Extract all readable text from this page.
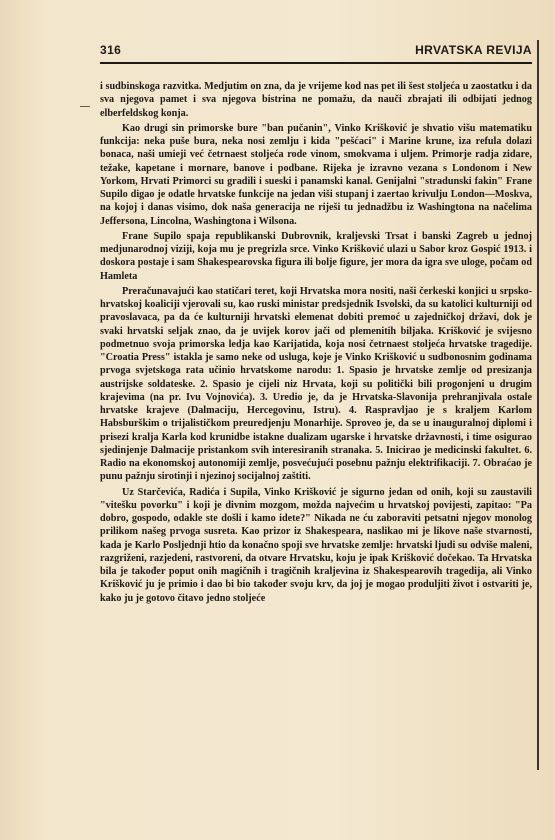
316	HRVATSKA REVIJA

i sudbinskoga razvitka. Medjutim on zna, da je vrijeme kod nas pet ili šest stoljeća u zaostatku i da sva njegova pamet i sva njegova bistrina ne pomažu, da nauči zbrajati ili odbijati jednog elberfeldskog konja.

Kao drugi sin primorske bure "ban pučanin", Vinko Krišković je shvatio višu matematiku funkcija: neka puše bura, neka nosi zemlju i kida "pešćaci" i Marine krune, iza refula dolazi bonaca, naši umieji već četrnaest stoljeća rode vinom, smokvama i uljem. Primorje radja zidare, težake, kapetane i mornare, banove i podbane. Rijeka je izravno vezana s Londonom i New Yorkom, Hrvati Primorci su gradili i sueski i panamski kanal. Genijalni "stradunski fakin" Frane Supilo digao je odatle hrvatske funkcije na jedan viši stupanj i zaertao krivulju London—Moskva, na kojoj i danas visimo, dok naša generacija ne riješi tu jednadžbu iz Washingtona na načelima Jeffersona, Lincolna, Washingtona i Wilsona.

Frane Supilo spaja republikanski Dubrovnik, kraljevski Trsat i banski Zagreb u jednoj medjunarodnoj viziji, koja mu je pregrizla srce. Vinko Krišković ulazi u Sabor kroz Gospić 1913. i doskora postaje i sam Shakespearovska figura ili bolje figure, jer mora da igra sve uloge, počam od Hamleta

Preračunavajući kao statičari teret, koji Hrvatska mora nositi, naši čerkeski konjici u srpsko-hrvatskoj koaliciji vjerovali su, kao ruski ministar predsjednik Isvolski, da su katolici kulturniji od pravoslavaca, pa da će kulturniji hrvatski elemenat dobiti premoć u zajedničkoj državi, dok je svaki hrvatski seljak znao, da je uvijek korov jači od plemenitih biljaka. Krišković je svijesno podmetnuo svoja primorska ledja kao Karijatida, koja nosi četrnaest stoljeća hrvatske tragedije. "Croatia Press" istakla je samo neke od usluga, koje je Vinko Krišković u sudbonosnim godinama prvoga svjetskoga rata učinio hrvatskome narodu: 1. Spasio je hrvatske zemlje od presizanja austrijske soldateske. 2. Spasio je cijeli niz Hrvata, koji su politički bili progonjeni u drugim krajevima (na pr. Ivu Vojnovića). 3. Uredio je, da je Hrvatska-Slavonija prehranjivala ostale hrvatske krajeve (Dalmaciju, Hercegovinu, Istru). 4. Raspravljao je s kraljem Karlom Habsburškim o trijalističkom preuredjenju Monarhije. Sproveo je, da se u inauguralnoj diplomi i prisezi kralja Karla kod krunidbe istakne dualizam ugarske i hrvatske državnosti, i time osigurao sjedinjenje Dalmacije pristankom svih interesiranih stranaka. 5. Inicirao je medicinski fakultet. 6. Radio na ekonomskoj autonomiji zemlje, posvećujući posebnu pažnju elektrifikaciji. 7. Obraćao je punu pažnju sirotinji i njezinoj socijalnoj zaštiti.

Uz Starčevića, Radića i Supila, Vinko Krišković je sigurno jedan od onih, koji su zaustavili "vitešku povorku" i koji je divnim mozgom, možda najvećim u hrvatskoj povijesti, zapitao: "Pa dobro, gospodo, odakle ste došli i kamo idete?" Nikada ne ću zaboraviti petsatni njegov monolog prilikom našeg prvoga susreta. Kao prizor iz Shakespeara, naslikao mi je likove naše stvarnosti, kada je Karlo Posljednji htio da konačno spoji sve hrvatske zemlje: hrvatski ljudi su odviše maleni, razgriženi, razjedeni, rastvoreni, da otvare Hrvatsku, koju je ipak Krišković dočekao. Ta Hrvatska bila je također poput onih magičnih i tragičnih kraljevina iz Shakespearovih tragedija, ali Vinko Krišković ju je primio i dao bi bio također svoju krv, da joj je mogao produljiti život i ostvariti je, kako ju je gotovo čitavo jedno stoljeće
